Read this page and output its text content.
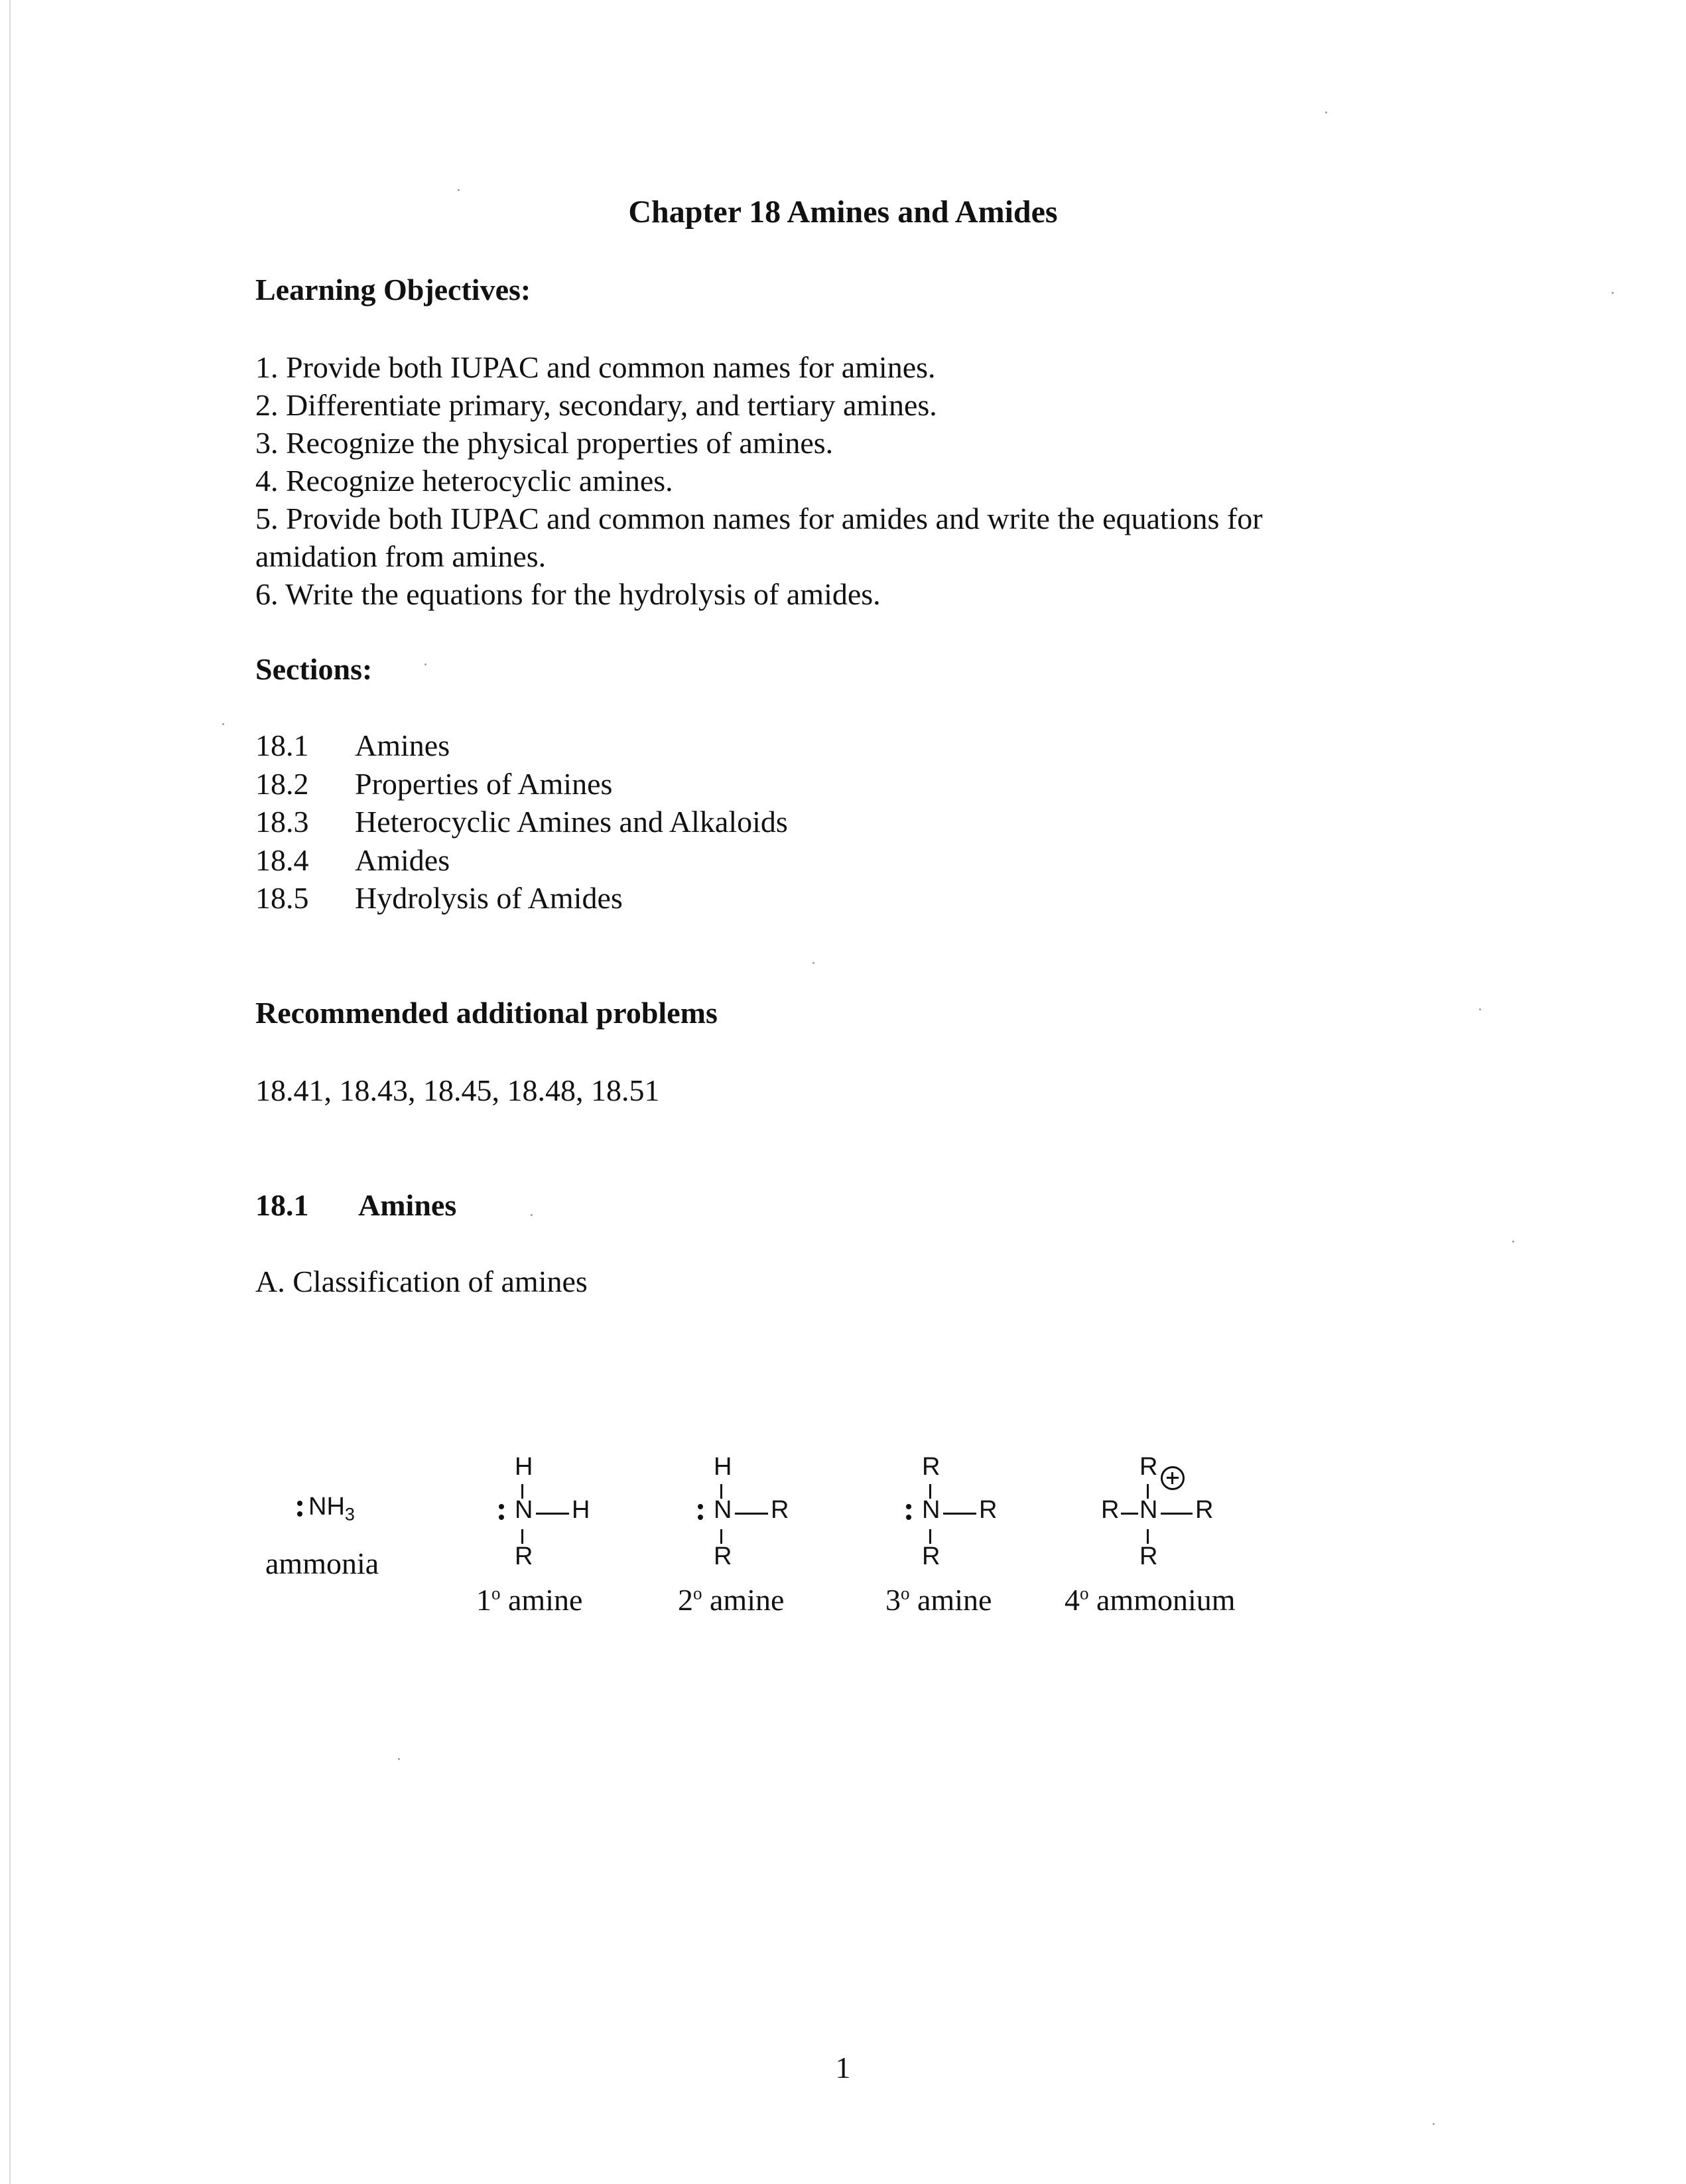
Chapter 18 Amines and Amides
Learning Objectives:
1. Provide both IUPAC and common names for amines.
2. Differentiate primary, secondary, and tertiary amines.
3. Recognize the physical properties of amines.
4. Recognize heterocyclic amines.
5. Provide both IUPAC and common names for amides and write the equations for
amidation from amines.
6. Write the equations for the hydrolysis of amides.
Sections:
18.1	Amines
18.2	Properties of Amines
18.3	Heterocyclic Amines and Alkaloids
18.4	Amides
18.5	Hydrolysis of Amides
Recommended additional problems
18.41, 18.43, 18.45, 18.48, 18.51
18.1 Amines
A. Classification of amines
$NH_3$
ammonia
H
N H
R
1$^o$ amine
H
N R
R
2$^o$ amine
R
N R
R
3$^o$ amine
R
R N R
R
4$^o$ ammonium
1
